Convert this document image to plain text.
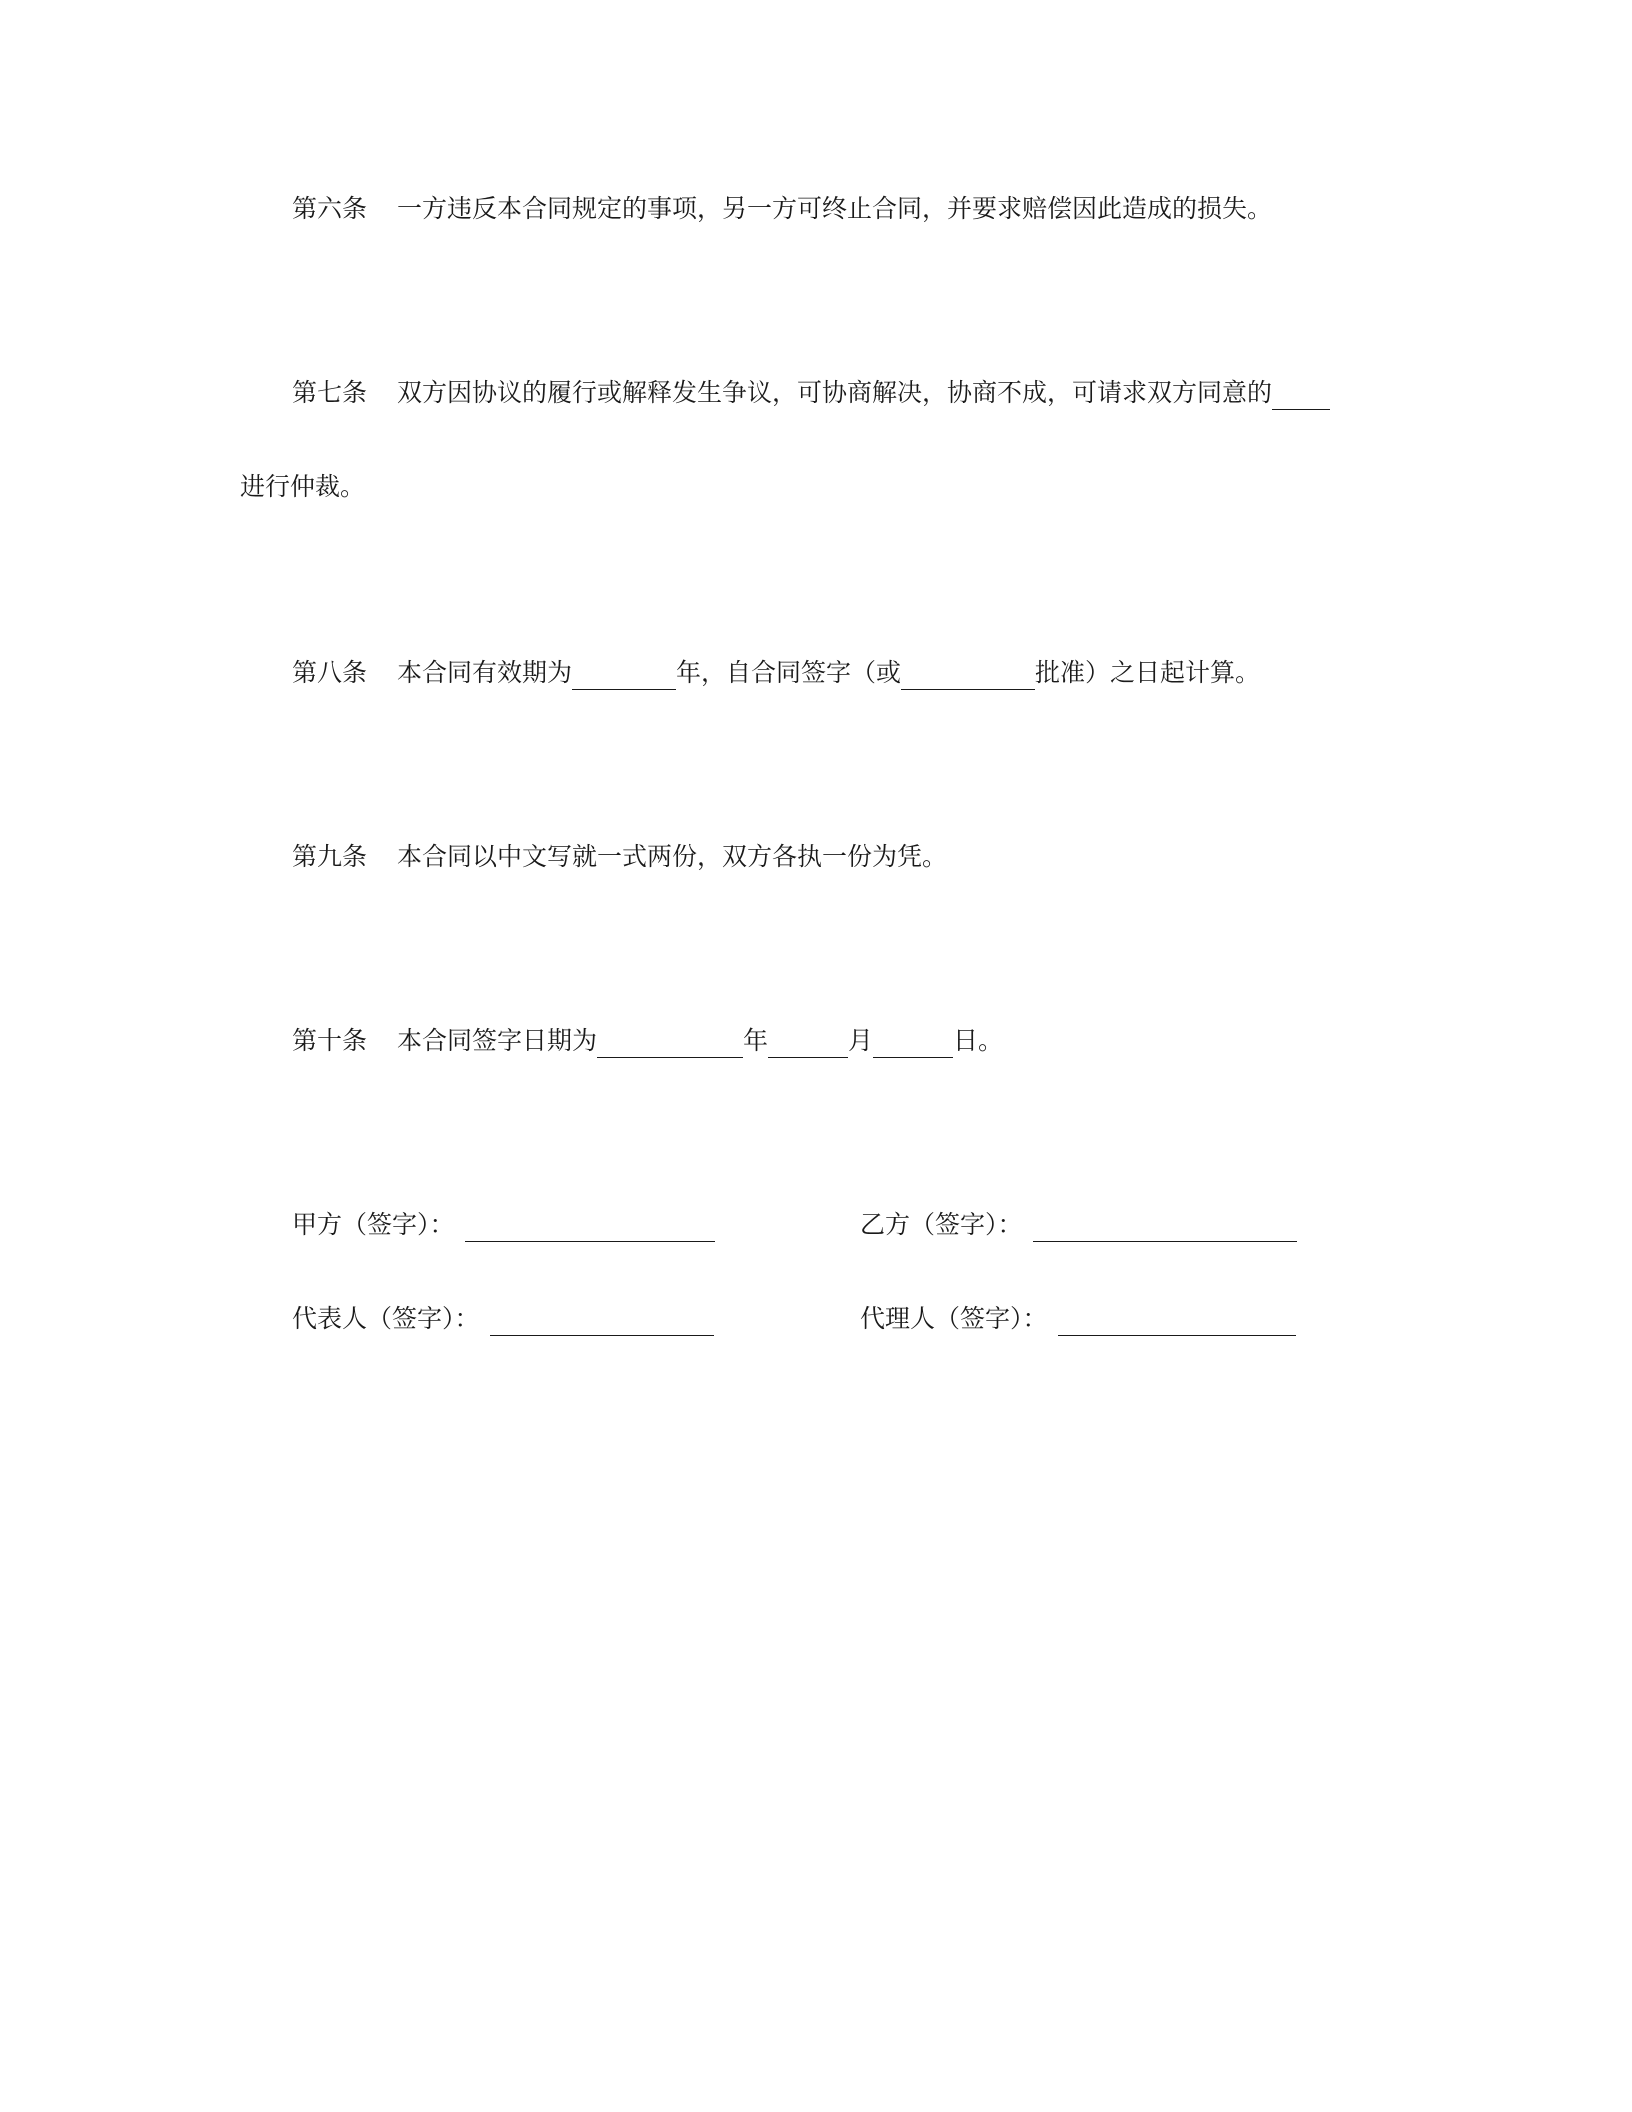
第六条	一方违反本合同规定的事项，另一方可终止合同，并要求赔偿因此造成的损失。
第七条	双方因协议的履行或解释发生争议，可协商解决，协商不成，可请求双方同意的
进行仲裁。
第八条	本合同有效期为	年，自合同签字（或	批准）之日起计算。
第九条	本合同以中文写就一式两份，双方各执一份为凭。
第十条	本合同签字日期为	年	月	日。
甲方（签字）：	乙方（签字）：
代表人（签字）：	代理人（签字）：
